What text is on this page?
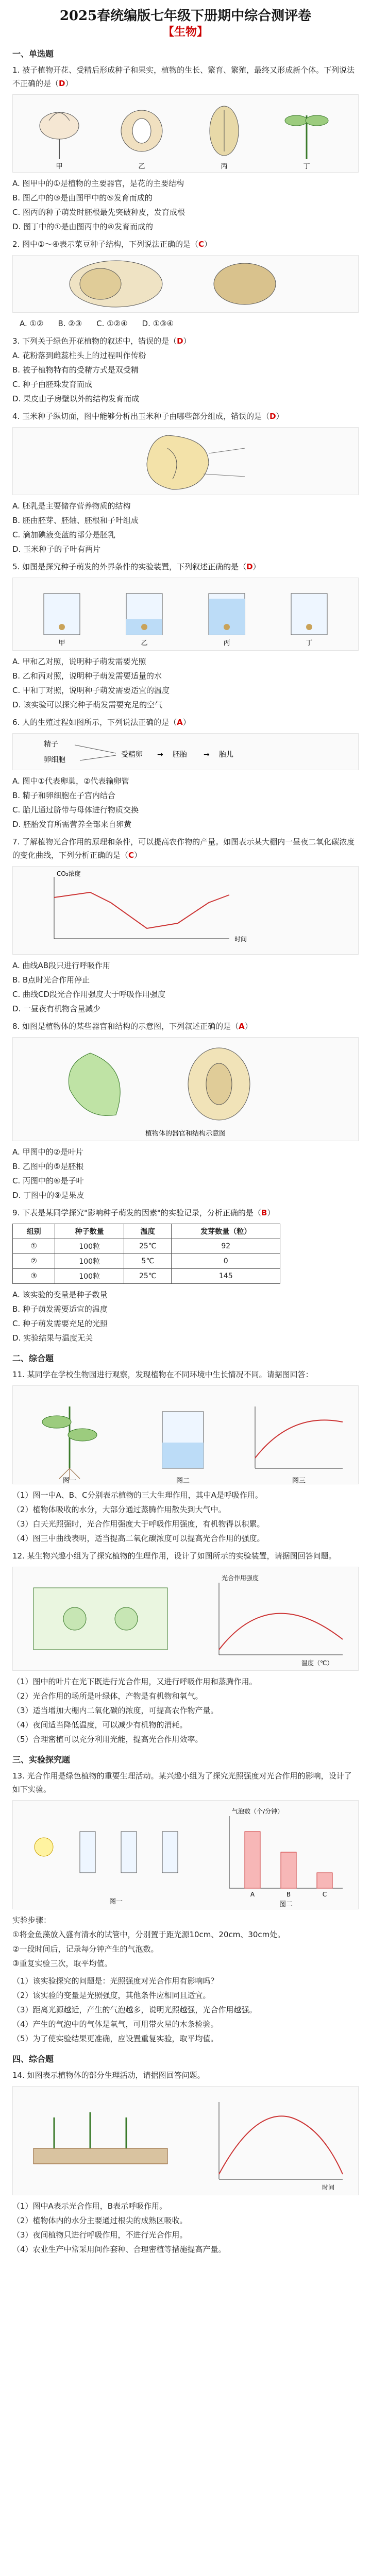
2025春统编版七年级下册期中综合测评卷
【生物】
一、单选题

1. 被子植物开花、受精后形成种子和果实，植物的生长、繁育、繁殖，最终又形成新个体。下列说法不正确的是（D）

甲	乙	丙	丁

A. 图甲中的①是植物的主要器官，是花的主要结构

B. 图乙中的③是由图甲中的⑤发育而成的

C. 图丙的种子萌发时胚根最先突破种皮，发育成根

D. 图丁中的①是由图丙中的④发育而成的

2. 图中①～④表示菜豆种子结构，下列说法正确的是（C）

A. ①② B. ②③ C. ①②④ D. ①③④

3. 下列关于绿色开花植物的叙述中，错误的是（D）

A. 花粉落到雌蕊柱头上的过程叫作传粉

B. 被子植物特有的受精方式是双受精

C. 种子由胚珠发育而成

D. 果皮由子房壁以外的结构发育而成

4. 玉米种子纵切面，图中能够分析出玉米种子由哪些部分组成，错误的是（D）

A. 胚乳是主要储存营养物质的结构

B. 胚由胚芽、胚轴、胚根和子叶组成

C. 滴加碘液变蓝的部分是胚乳

D. 玉米种子的子叶有两片

5. 如图是探究种子萌发的外界条件的实验装置，下列叙述正确的是（D）

甲	乙	丙	丁

A. 甲和乙对照，说明种子萌发需要光照

B. 乙和丙对照，说明种子萌发需要适量的水

C. 甲和丁对照，说明种子萌发需要适宜的温度

D. 该实验可以探究种子萌发需要充足的空气

6. 人的生殖过程如图所示，下列说法正确的是（A）

精子
卵细胞
受精卵 → 胚胎 → 胎儿

A. 图中①代表卵巢，②代表输卵管

B. 精子和卵细胞在子宫内结合

C. 胎儿通过脐带与母体进行物质交换

D. 胚胎发育所需营养全部来自卵黄

7. 了解植物光合作用的原理和条件，可以提高农作物的产量。如图表示某大棚内一昼夜二氧化碳浓度的变化曲线，下列分析正确的是（C）

时间
CO₂浓度

A. 曲线AB段只进行呼吸作用

B. B点时光合作用停止

C. 曲线CD段光合作用强度大于呼吸作用强度

D. 一昼夜有机物含量减少

8. 如图是植物体的某些器官和结构的示意图，下列叙述正确的是（A）

植物体的器官和结构示意图

A. 甲图中的②是叶片

B. 乙图中的⑤是胚根

C. 丙图中的⑥是子叶

D. 丁图中的⑨是果皮

9. 下表是某同学探究"影响种子萌发的因素"的实验记录，分析正确的是（B）

组别	种子数量	温度	发芽数量（粒）
①	100粒	25℃	92
②	100粒	5℃	0
③	100粒	25℃	145

A. 该实验的变量是种子数量

B. 种子萌发需要适宜的温度

C. 种子萌发需要充足的光照

D. 实验结果与温度无关

二、综合题

11. 某同学在学校生物园进行观察，发现植物在不同环境中生长情况不同。请据图回答：

图一	图二	图三

（1）图一中A、B、C分别表示植物的三大生理作用，其中A是呼吸作用。

（2）植物体吸收的水分，大部分通过蒸腾作用散失到大气中。

（3）白天光照强时，光合作用强度大于呼吸作用强度，有机物得以积累。

（4）图三中曲线表明，适当提高二氧化碳浓度可以提高光合作用的强度。

12. 某生物兴趣小组为了探究植物的生理作用，设计了如图所示的实验装置，请据图回答问题。

温度（℃）
光合作用强度

（1）图中的叶片在光下既进行光合作用，又进行呼吸作用和蒸腾作用。

（2）光合作用的场所是叶绿体，产物是有机物和氧气。

（3）适当增加大棚内二氧化碳的浓度，可提高农作物产量。

（4）夜间适当降低温度，可以减少有机物的消耗。

（5）合理密植可以充分利用光能，提高光合作用效率。

三、实验探究题

13. 光合作用是绿色植物的重要生理活动。某兴趣小组为了探究光照强度对光合作用的影响，设计了如下实验。

A	B	C
气泡数（个/分钟）
图一	图二

实验步骤：

①将金鱼藻放入盛有清水的试管中，分别置于距光源10cm、20cm、30cm处。

②一段时间后，记录每分钟产生的气泡数。

③重复实验三次，取平均值。

（1）该实验探究的问题是：光照强度对光合作用有影响吗？

（2）该实验的变量是光照强度，其他条件应相同且适宜。

（3）距离光源越近，产生的气泡越多，说明光照越强，光合作用越强。

（4）产生的气泡中的气体是氧气，可用带火星的木条检验。

（5）为了使实验结果更准确，应设置重复实验，取平均值。

四、综合题

14. 如图表示植物体的部分生理活动，请据图回答问题。

时间

（1）图中A表示光合作用，B表示呼吸作用。

（2）植物体内的水分主要通过根尖的成熟区吸收。

（3）夜间植物只进行呼吸作用，不进行光合作用。

（4）农业生产中常采用间作套种、合理密植等措施提高产量。
